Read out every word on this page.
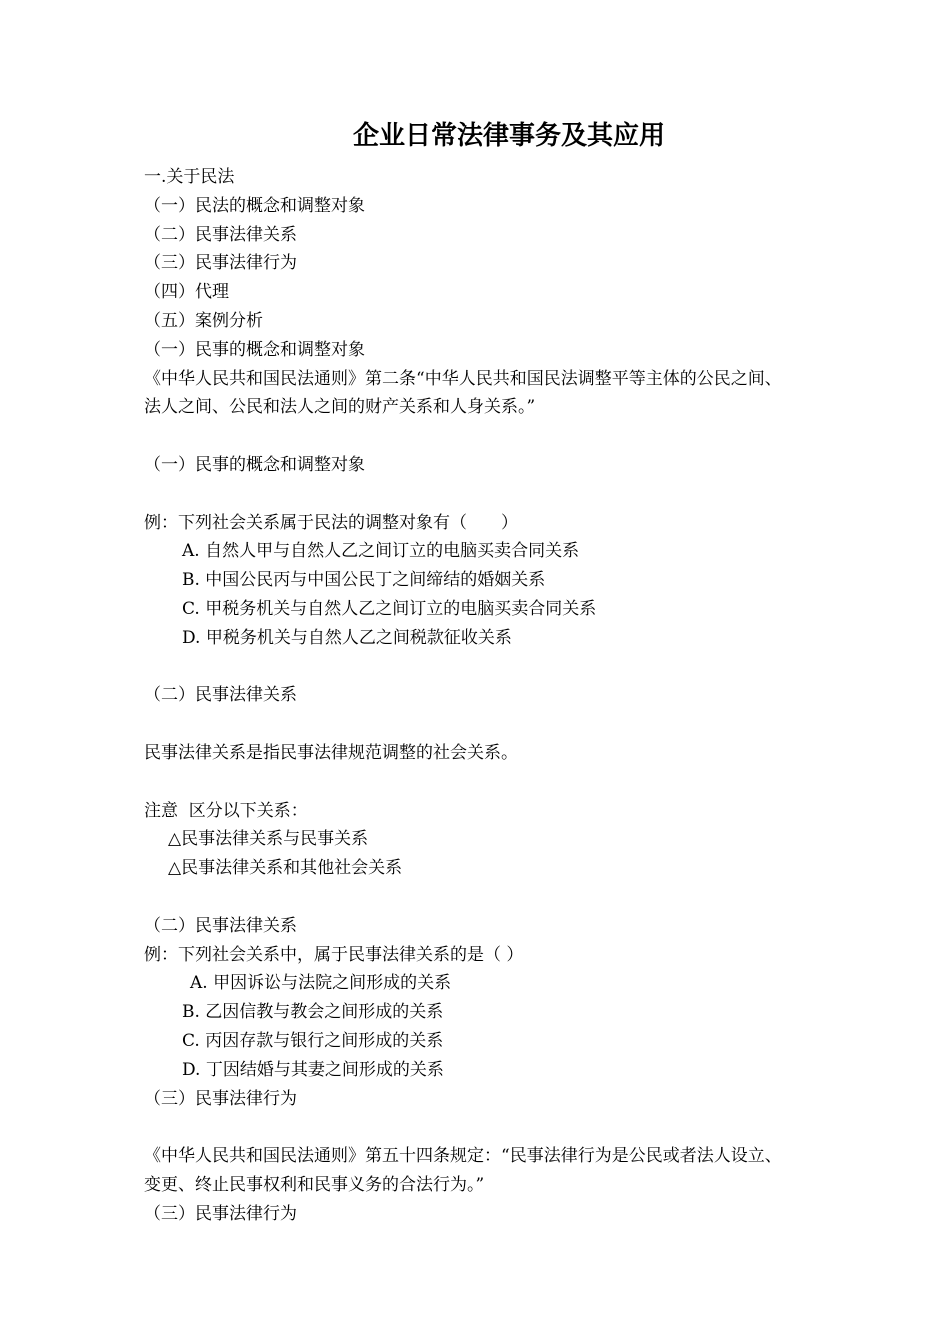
企业日常法律事务及其应用
一.关于民法
（一）民法的概念和调整对象
（二）民事法律关系
（三）民事法律行为
（四）代理
（五）案例分析
（一）民事的概念和调整对象
《中华人民共和国民法通则》第二条“中华人民共和国民法调整平等主体的公民之间、
法人之间、公民和法人之间的财产关系和人身关系。”
（一）民事的概念和调整对象
例：下列社会关系属于民法的调整对象有（　　）
A. 自然人甲与自然人乙之间订立的电脑买卖合同关系
B. 中国公民丙与中国公民丁之间缔结的婚姻关系
C. 甲税务机关与自然人乙之间订立的电脑买卖合同关系
D. 甲税务机关与自然人乙之间税款征收关系
（二）民事法律关系
民事法律关系是指民事法律规范调整的社会关系。
注意  区分以下关系：
△民事法律关系与民事关系
△民事法律关系和其他社会关系
（二）民事法律关系
例：下列社会关系中，属于民事法律关系的是（ ）
A. 甲因诉讼与法院之间形成的关系
B. 乙因信教与教会之间形成的关系
C. 丙因存款与银行之间形成的关系
D. 丁因结婚与其妻之间形成的关系
（三）民事法律行为
《中华人民共和国民法通则》第五十四条规定：“民事法律行为是公民或者法人设立、
变更、终止民事权利和民事义务的合法行为。”
（三）民事法律行为
